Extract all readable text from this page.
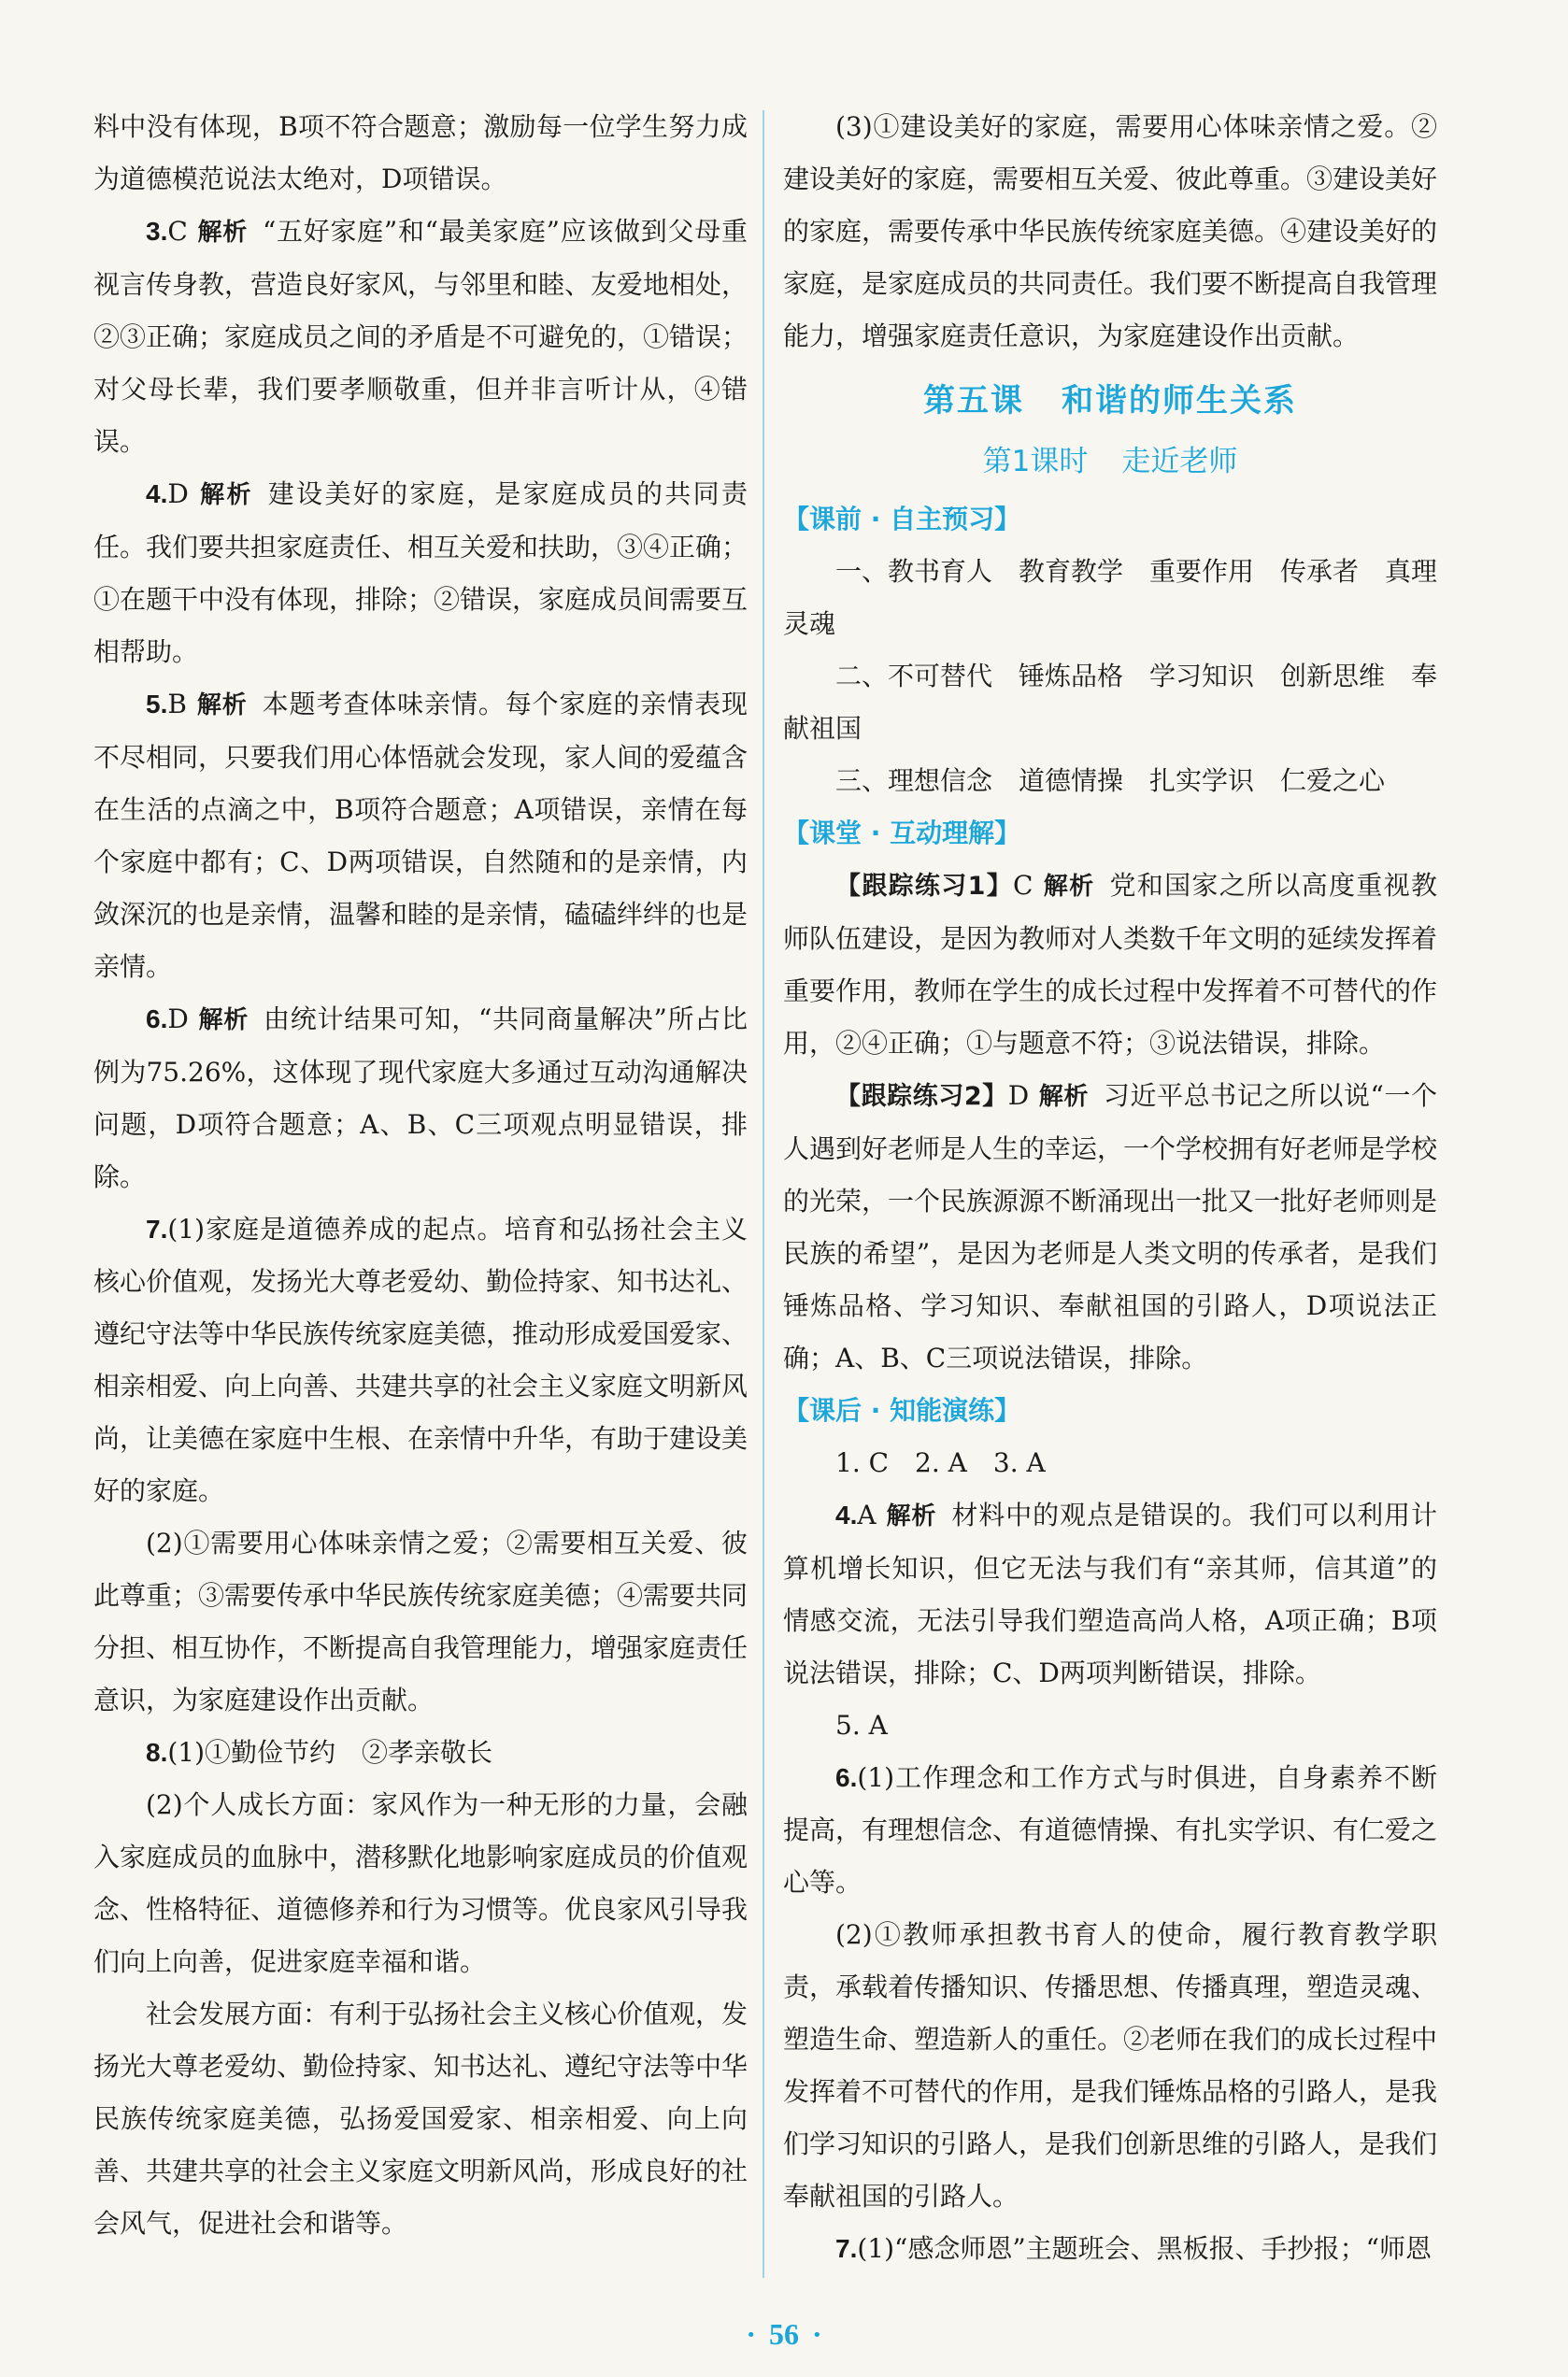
料中没有体现，B项不符合题意；激励每一位学生努力成为道德模范说法太绝对，D项错误。

3.C 解析 “五好家庭”和“最美家庭”应该做到父母重视言传身教，营造良好家风，与邻里和睦、友爱地相处，②③正确；家庭成员之间的矛盾是不可避免的，①错误；对父母长辈，我们要孝顺敬重，但并非言听计从，④错误。

4.D 解析 建设美好的家庭，是家庭成员的共同责任。我们要共担家庭责任、相互关爱和扶助，③④正确；①在题干中没有体现，排除；②错误，家庭成员间需要互相帮助。

5.B 解析 本题考查体味亲情。每个家庭的亲情表现不尽相同，只要我们用心体悟就会发现，家人间的爱蕴含在生活的点滴之中，B项符合题意；A项错误，亲情在每个家庭中都有；C、D两项错误，自然随和的是亲情，内敛深沉的也是亲情，温馨和睦的是亲情，磕磕绊绊的也是亲情。

6.D 解析 由统计结果可知，“共同商量解决”所占比例为75.26%，这体现了现代家庭大多通过互动沟通解决问题，D项符合题意；A、B、C三项观点明显错误，排除。

7.(1)家庭是道德养成的起点。培育和弘扬社会主义核心价值观，发扬光大尊老爱幼、勤俭持家、知书达礼、遵纪守法等中华民族传统家庭美德，推动形成爱国爱家、相亲相爱、向上向善、共建共享的社会主义家庭文明新风尚，让美德在家庭中生根、在亲情中升华，有助于建设美好的家庭。

(2)①需要用心体味亲情之爱；②需要相互关爱、彼此尊重；③需要传承中华民族传统家庭美德；④需要共同分担、相互协作，不断提高自我管理能力，增强家庭责任意识，为家庭建设作出贡献。

8.(1)①勤俭节约　②孝亲敬长

(2)个人成长方面：家风作为一种无形的力量，会融入家庭成员的血脉中，潜移默化地影响家庭成员的价值观念、性格特征、道德修养和行为习惯等。优良家风引导我们向上向善，促进家庭幸福和谐。

社会发展方面：有利于弘扬社会主义核心价值观，发扬光大尊老爱幼、勤俭持家、知书达礼、遵纪守法等中华民族传统家庭美德，弘扬爱国爱家、相亲相爱、向上向善、共建共享的社会主义家庭文明新风尚，形成良好的社会风气，促进社会和谐等。

(3)①建设美好的家庭，需要用心体味亲情之爱。②建设美好的家庭，需要相互关爱、彼此尊重。③建设美好的家庭，需要传承中华民族传统家庭美德。④建设美好的家庭，是家庭成员的共同责任。我们要不断提高自我管理能力，增强家庭责任意识，为家庭建设作出贡献。

第五课 和谐的师生关系
第1课时 走近老师

【课前 · 自主预习】

一、教书育人　教育教学　重要作用　传承者　真理　灵魂

二、不可替代　锤炼品格　学习知识　创新思维　奉献祖国

三、理想信念　道德情操　扎实学识　仁爱之心

【课堂 · 互动理解】

【跟踪练习1】C 解析 党和国家之所以高度重视教师队伍建设，是因为教师对人类数千年文明的延续发挥着重要作用，教师在学生的成长过程中发挥着不可替代的作用，②④正确；①与题意不符；③说法错误，排除。

【跟踪练习2】D 解析 习近平总书记之所以说“一个人遇到好老师是人生的幸运，一个学校拥有好老师是学校的光荣，一个民族源源不断涌现出一批又一批好老师则是民族的希望”，是因为老师是人类文明的传承者，是我们锤炼品格、学习知识、奉献祖国的引路人，D项说法正确；A、B、C三项说法错误，排除。

【课后 · 知能演练】

1. C　2. A　3. A

4.A 解析 材料中的观点是错误的。我们可以利用计算机增长知识，但它无法与我们有“亲其师，信其道”的情感交流，无法引导我们塑造高尚人格，A项正确；B项说法错误，排除；C、D两项判断错误，排除。

5. A

6.(1)工作理念和工作方式与时俱进，自身素养不断提高，有理想信念、有道德情操、有扎实学识、有仁爱之心等。

(2)①教师承担教书育人的使命，履行教育教学职责，承载着传播知识、传播思想、传播真理，塑造灵魂、塑造生命、塑造新人的重任。②老师在我们的成长过程中发挥着不可替代的作用，是我们锤炼品格的引路人，是我们学习知识的引路人，是我们创新思维的引路人，是我们奉献祖国的引路人。

7.(1)“感念师恩”主题班会、黑板报、手抄报；“师恩

· 56 ·
